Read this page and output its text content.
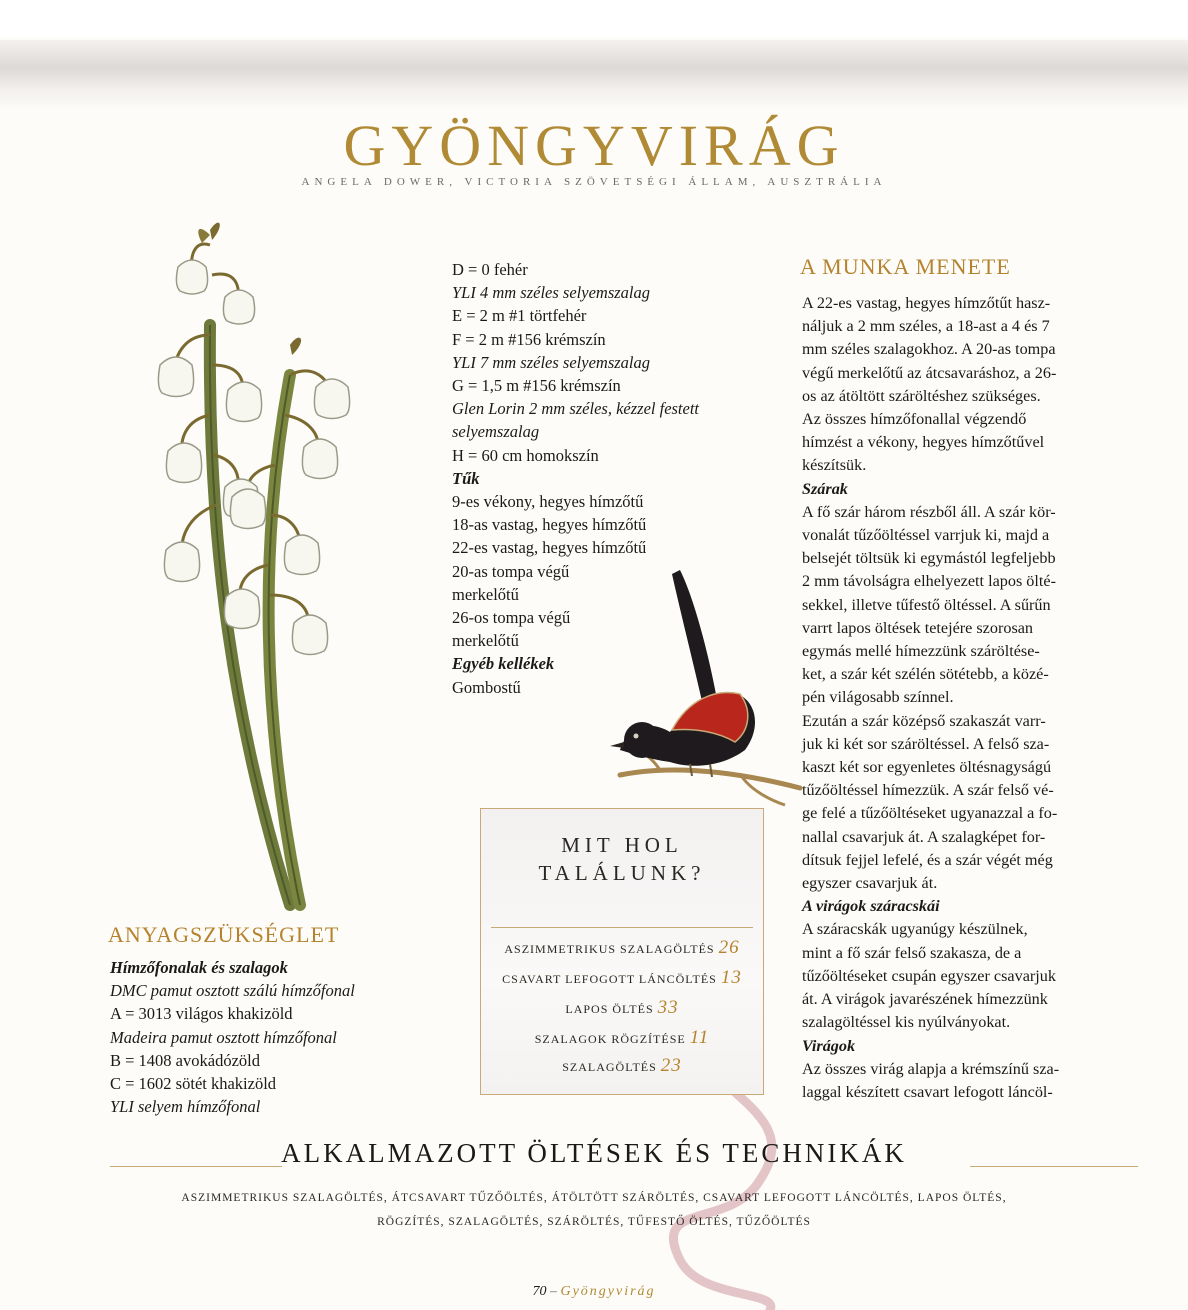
GYÖNGYVIRÁG
ANGELA DOWER, VICTORIA SZÖVETSÉGI ÁLLAM, AUSZTRÁLIA
D = 0 fehér
YLI 4 mm széles selyemszalag
E = 2 m #1 törtfehér
F = 2 m #156 krémszín
YLI 7 mm széles selyemszalag
G = 1,5 m #156 krémszín
Glen Lorin 2 mm széles, kézzel festett
selyemszalag
H = 60 cm homokszín
Tűk
9-es vékony, hegyes hímzőtű
18-as vastag, hegyes hímzőtű
22-es vastag, hegyes hímzőtű
20-as tompa végű
merkelőtű
26-os tompa végű
merkelőtű
Egyéb kellékek
Gombostű
ANYAGSZÜKSÉGLET
Hímzőfonalak és szalagok
DMC pamut osztott szálú hímzőfonal
A = 3013 világos khakizöld
Madeira pamut osztott hímzőfonal
B = 1408 avokádózöld
C = 1602 sötét khakizöld
YLI selyem hímzőfonal
A MUNKA MENETE
A 22-es vastag, hegyes hímzőtűt hasz-
náljuk a 2 mm széles, a 18-ast a 4 és 7
mm széles szalagokhoz. A 20-as tompa
végű merkelőtű az átcsavaráshoz, a 26-
os az átöltött száröltéshez szükséges.
Az összes hímzőfonallal végzendő
hímzést a vékony, hegyes hímzőtűvel
készítsük.
Szárak
A fő szár három részből áll. A szár kör-
vonalát tűzőöltéssel varrjuk ki, majd a
belsejét töltsük ki egymástól legfeljebb
2 mm távolságra elhelyezett lapos ölté-
sekkel, illetve tűfestő öltéssel. A sűrűn
varrt lapos öltések tetejére szorosan
egymás mellé hímezzünk száröltése-
ket, a szár két szélén sötétebb, a közé-
pén világosabb színnel.
Ezután a szár középső szakaszát varr-
juk ki két sor száröltéssel. A felső sza-
kaszt két sor egyenletes öltésnagyságú
tűzőöltéssel hímezzük. A szár felső vé-
ge felé a tűzőöltéseket ugyanazzal a fo-
nallal csavarjuk át. A szalagképet for-
dítsuk fejjel lefelé, és a szár végét még
egyszer csavarjuk át.
A virágok száracskái
A száracskák ugyanúgy készülnek,
mint a fő szár felső szakasza, de a
tűzőöltéseket csupán egyszer csavarjuk
át. A virágok javarészének hímezzünk
szalagöltéssel kis nyúlványokat.
Virágok
Az összes virág alapja a krémszínű sza-
laggal készített csavart lefogott láncöl-
MIT HOL
TALÁLUNK?
ASZIMMETRIKUS SZALAGÖLTÉS 26
CSAVART LEFOGOTT LÁNCÖLTÉS 13
LAPOS ÖLTÉS 33
SZALAGOK RÖGZÍTÉSE 11
SZALAGÖLTÉS 23
ALKALMAZOTT ÖLTÉSEK ÉS TECHNIKÁK
ASZIMMETRIKUS SZALAGÖLTÉS, ÁTCSAVART TŰZŐÖLTÉS, ÁTÖLTÖTT SZÁRÖLTÉS, CSAVART LEFOGOTT LÁNCÖLTÉS, LAPOS ÖLTÉS,
RÖGZÍTÉS, SZALAGÖLTÉS, SZÁRÖLTÉS, TŰFESTŐ ÖLTÉS, TŰZŐÖLTÉS
70 – Gyöngyvirág
